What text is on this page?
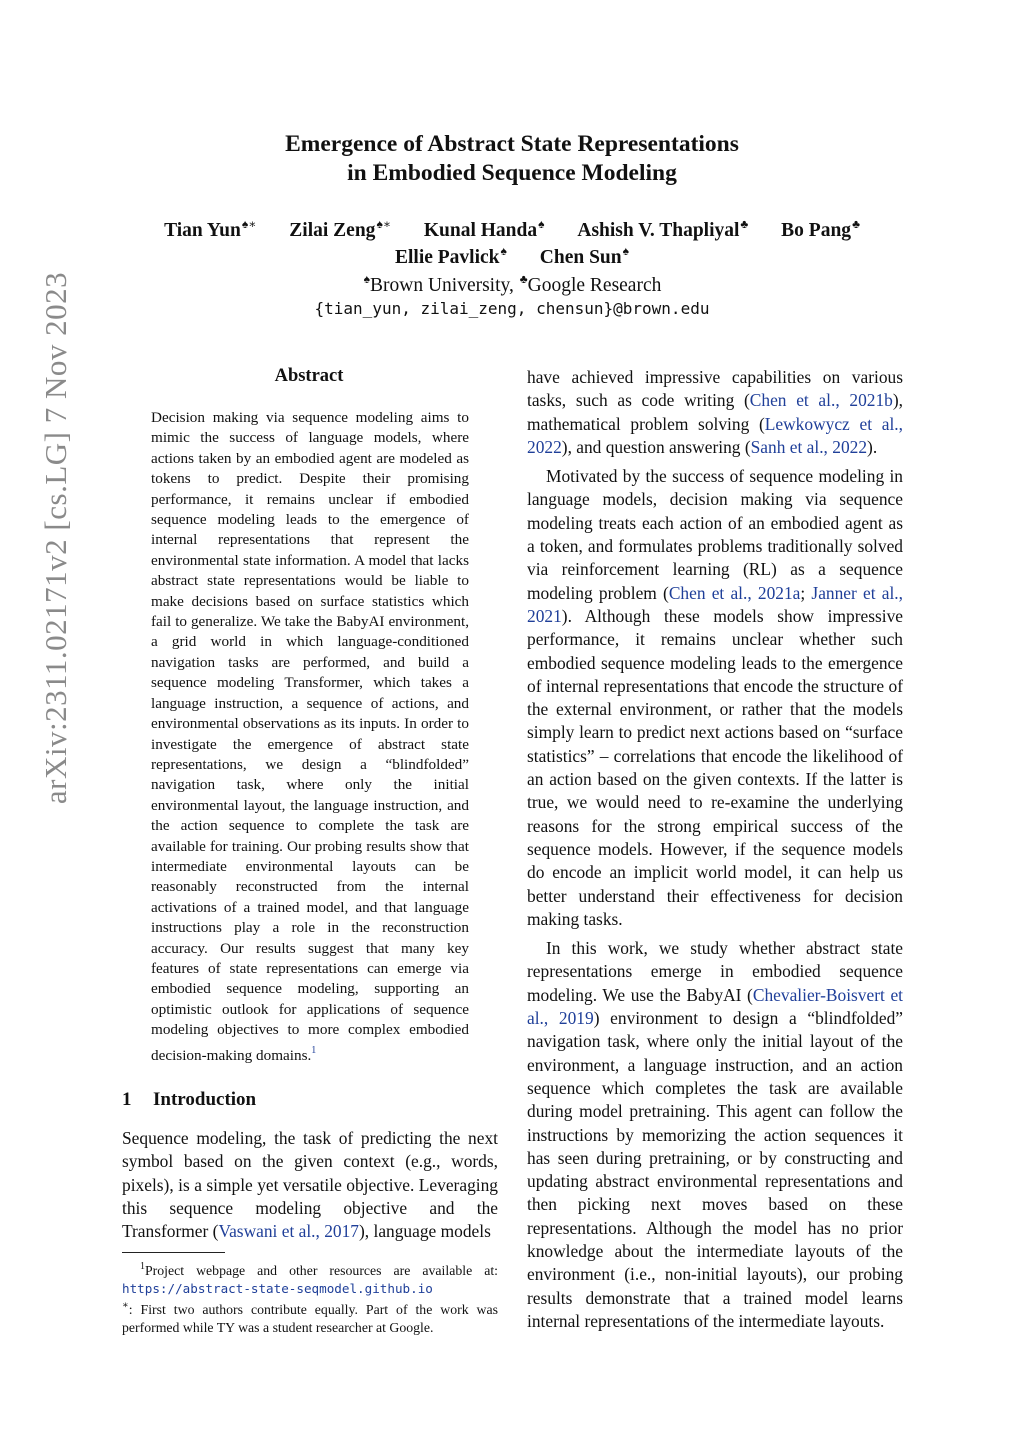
arXiv:2311.02171v2 [cs.LG] 7 Nov 2023
Emergence of Abstract State Representations
in Embodied Sequence Modeling
Tian Yun♠∗ Zilai Zeng♠∗ Kunal Handa♠ Ashish V. Thapliyal♣ Bo Pang♣
Ellie Pavlick♠ Chen Sun♠
♠Brown University, ♣Google Research
{tian_yun, zilai_zeng, chensun}@brown.edu
Abstract
Decision making via sequence modeling aims to mimic the success of language models, where actions taken by an embodied agent are modeled as tokens to predict. Despite their promising performance, it remains unclear if embodied sequence modeling leads to the emergence of internal representations that represent the environmental state information. A model that lacks abstract state representations would be liable to make decisions based on surface statistics which fail to generalize. We take the BabyAI environment, a grid world in which language-conditioned navigation tasks are performed, and build a sequence modeling Transformer, which takes a language instruction, a sequence of actions, and environmental observations as its inputs. In order to investigate the emergence of abstract state representations, we design a “blindfolded” navigation task, where only the initial environmental layout, the language instruction, and the action sequence to complete the task are available for training. Our probing results show that intermediate environmental layouts can be reasonably reconstructed from the internal activations of a trained model, and that language instructions play a role in the reconstruction accuracy. Our results suggest that many key features of state representations can emerge via embodied sequence modeling, supporting an optimistic outlook for applications of sequence modeling objectives to more complex embodied decision-making domains.$^1$
1 Introduction

Sequence modeling, the task of predicting the next symbol based on the given context (e.g., words, pixels), is a simple yet versatile objective. Leveraging this sequence modeling objective and the Transformer (Vaswani et al., 2017), language models

$^1$Project webpage and other resources are available at: https://abstract-state-seqmodel.github.io

∗: First two authors contribute equally. Part of the work was performed while TY was a student researcher at Google.

have achieved impressive capabilities on various tasks, such as code writing (Chen et al., 2021b), mathematical problem solving (Lewkowycz et al., 2022), and question answering (Sanh et al., 2022).

Motivated by the success of sequence modeling in language models, decision making via sequence modeling treats each action of an embodied agent as a token, and formulates problems traditionally solved via reinforcement learning (RL) as a sequence modeling problem (Chen et al., 2021a; Janner et al., 2021). Although these models show impressive performance, it remains unclear whether such embodied sequence modeling leads to the emergence of internal representations that encode the structure of the external environment, or rather that the models simply learn to predict next actions based on “surface statistics” – correlations that encode the likelihood of an action based on the given contexts. If the latter is true, we would need to re-examine the underlying reasons for the strong empirical success of the sequence models. However, if the sequence models do encode an implicit world model, it can help us better understand their effectiveness for decision making tasks.

In this work, we study whether abstract state representations emerge in embodied sequence modeling. We use the BabyAI (Chevalier-Boisvert et al., 2019) environment to design a “blindfolded” navigation task, where only the initial layout of the environment, a language instruction, and an action sequence which completes the task are available during model pretraining. This agent can follow the instructions by memorizing the action sequences it has seen during pretraining, or by constructing and updating abstract environmental representations and then picking next moves based on these representations. Although the model has no prior knowledge about the intermediate layouts of the environment (i.e., non-initial layouts), our probing results demonstrate that a trained model learns internal representations of the intermediate layouts.
